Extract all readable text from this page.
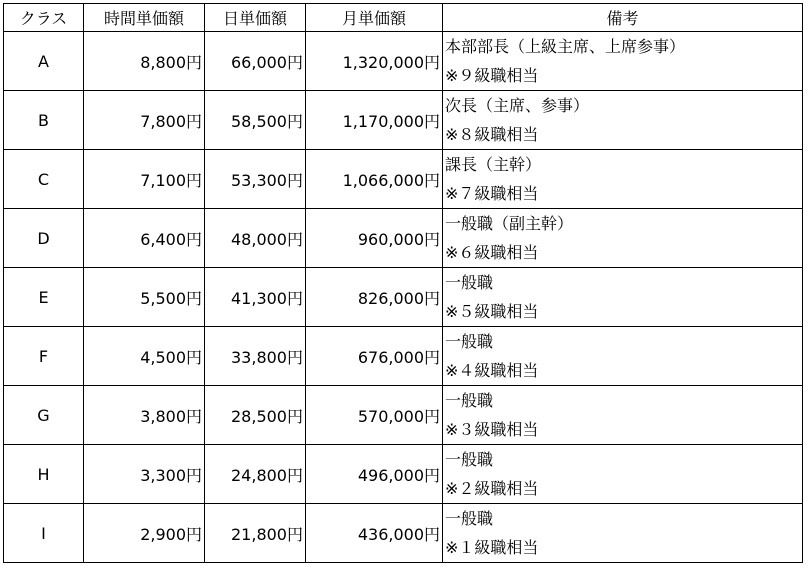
クラス	時間単価額	日単価額	月単価額	備考
A	8,800円	66,000円	1,320,000円	本部部長（上級主席、上席参事）
※９級職相当

B	7,800円	58,500円	1,170,000円	次長（主席、参事）
※８級職相当

C	7,100円	53,300円	1,066,000円	課長（主幹）
※７級職相当

D	6,400円	48,000円	960,000円	一般職（副主幹）
※６級職相当

E	5,500円	41,300円	826,000円	一般職
※５級職相当

F	4,500円	33,800円	676,000円	一般職
※４級職相当

G	3,800円	28,500円	570,000円	一般職
※３級職相当

H	3,300円	24,800円	496,000円	一般職
※２級職相当

I	2,900円	21,800円	436,000円	一般職
※１級職相当
